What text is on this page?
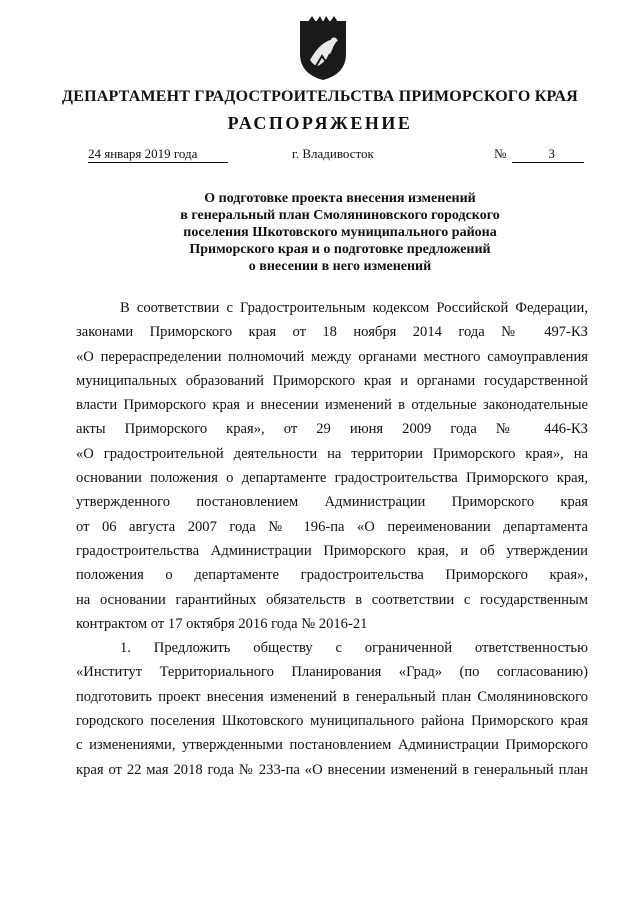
ДЕПАРТАМЕНТ ГРАДОСТРОИТЕЛЬСТВА ПРИМОРСКОГО КРАЯ
РАСПОРЯЖЕНИЕ
24 января 2019 года	г. Владивосток	№	3
О подготовке проекта внесения изменений
в генеральный план Смоляниновского городского
поселения Шкотовского муниципального района
Приморского края и о подготовке предложений
о внесении в него изменений
В соответствии с Градостроительным кодексом Российской Федерации,
законами Приморского края от 18 ноября 2014 года № 497-КЗ
«О перераспределении полномочий между органами местного самоуправления
муниципальных образований Приморского края и органами государственной
власти Приморского края и внесении изменений в отдельные законодательные
акты Приморского края», от 29 июня 2009 года № 446-КЗ
«О градостроительной деятельности на территории Приморского края», на
основании положения о департаменте градостроительства Приморского края,
утвержденного постановлением Администрации Приморского края
от 06 августа 2007 года № 196-па «О переименовании департамента
градостроительства Администрации Приморского края, и об утверждении
положения о департаменте градостроительства Приморского края»,
на основании гарантийных обязательств в соответствии с государственным
контрактом от 17 октября 2016 года № 2016-21
1. Предложить обществу с ограниченной ответственностью
«Институт Территориального Планирования «Град» (по согласованию)
подготовить проект внесения изменений в генеральный план Смоляниновского
городского поселения Шкотовского муниципального района Приморского края
с изменениями, утвержденными постановлением Администрации Приморского
края от 22 мая 2018 года № 233-па «О внесении изменений в генеральный план
